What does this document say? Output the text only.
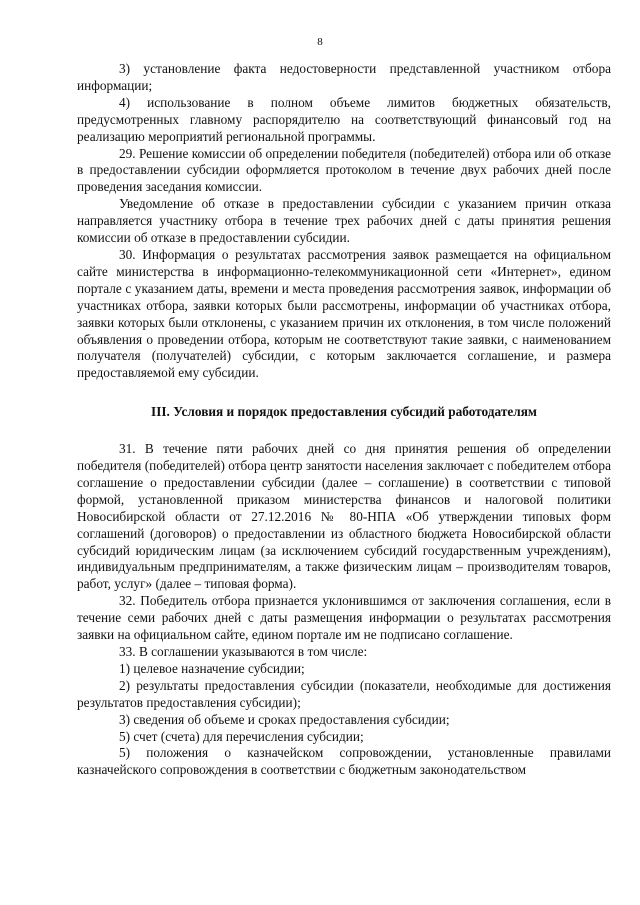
8

3) установление факта недостоверности представленной участником отбора информации;

4) использование в полном объеме лимитов бюджетных обязательств, предусмотренных главному распорядителю на соответствующий финансовый год на реализацию мероприятий региональной программы.

29. Решение комиссии об определении победителя (победителей) отбора или об отказе в предоставлении субсидии оформляется протоколом в течение двух рабочих дней после проведения заседания комиссии.

Уведомление об отказе в предоставлении субсидии с указанием причин отказа направляется участнику отбора в течение трех рабочих дней с даты принятия решения комиссии об отказе в предоставлении субсидии.

30. Информация о результатах рассмотрения заявок размещается на официальном сайте министерства в информационно-телекоммуникационной сети «Интернет», едином портале с указанием даты, времени и места проведения рассмотрения заявок, информации об участниках отбора, заявки которых были рассмотрены, информации об участниках отбора, заявки которых были отклонены, с указанием причин их отклонения, в том числе положений объявления о проведении отбора, которым не соответствуют такие заявки, с наименованием получателя (получателей) субсидии, с которым заключается соглашение, и размера предоставляемой ему субсидии.

III. Условия и порядок предоставления субсидий работодателям

31. В течение пяти рабочих дней со дня принятия решения об определении победителя (победителей) отбора центр занятости населения заключает с победителем отбора соглашение о предоставлении субсидии (далее – соглашение) в соответствии с типовой формой, установленной приказом министерства финансов и налоговой политики Новосибирской области от 27.12.2016 № 80-НПА «Об утверждении типовых форм соглашений (договоров) о предоставлении из областного бюджета Новосибирской области субсидий юридическим лицам (за исключением субсидий государственным учреждениям), индивидуальным предпринимателям, а также физическим лицам – производителям товаров, работ, услуг» (далее – типовая форма).

32. Победитель отбора признается уклонившимся от заключения соглашения, если в течение семи рабочих дней с даты размещения информации о результатах рассмотрения заявки на официальном сайте, едином портале им не подписано соглашение.

33. В соглашении указываются в том числе:

1) целевое назначение субсидии;

2) результаты предоставления субсидии (показатели, необходимые для достижения результатов предоставления субсидии);

3) сведения об объеме и сроках предоставления субсидии;

5) счет (счета) для перечисления субсидии;

5) положения о казначейском сопровождении, установленные правилами казначейского сопровождения в соответствии с бюджетным законодательством
